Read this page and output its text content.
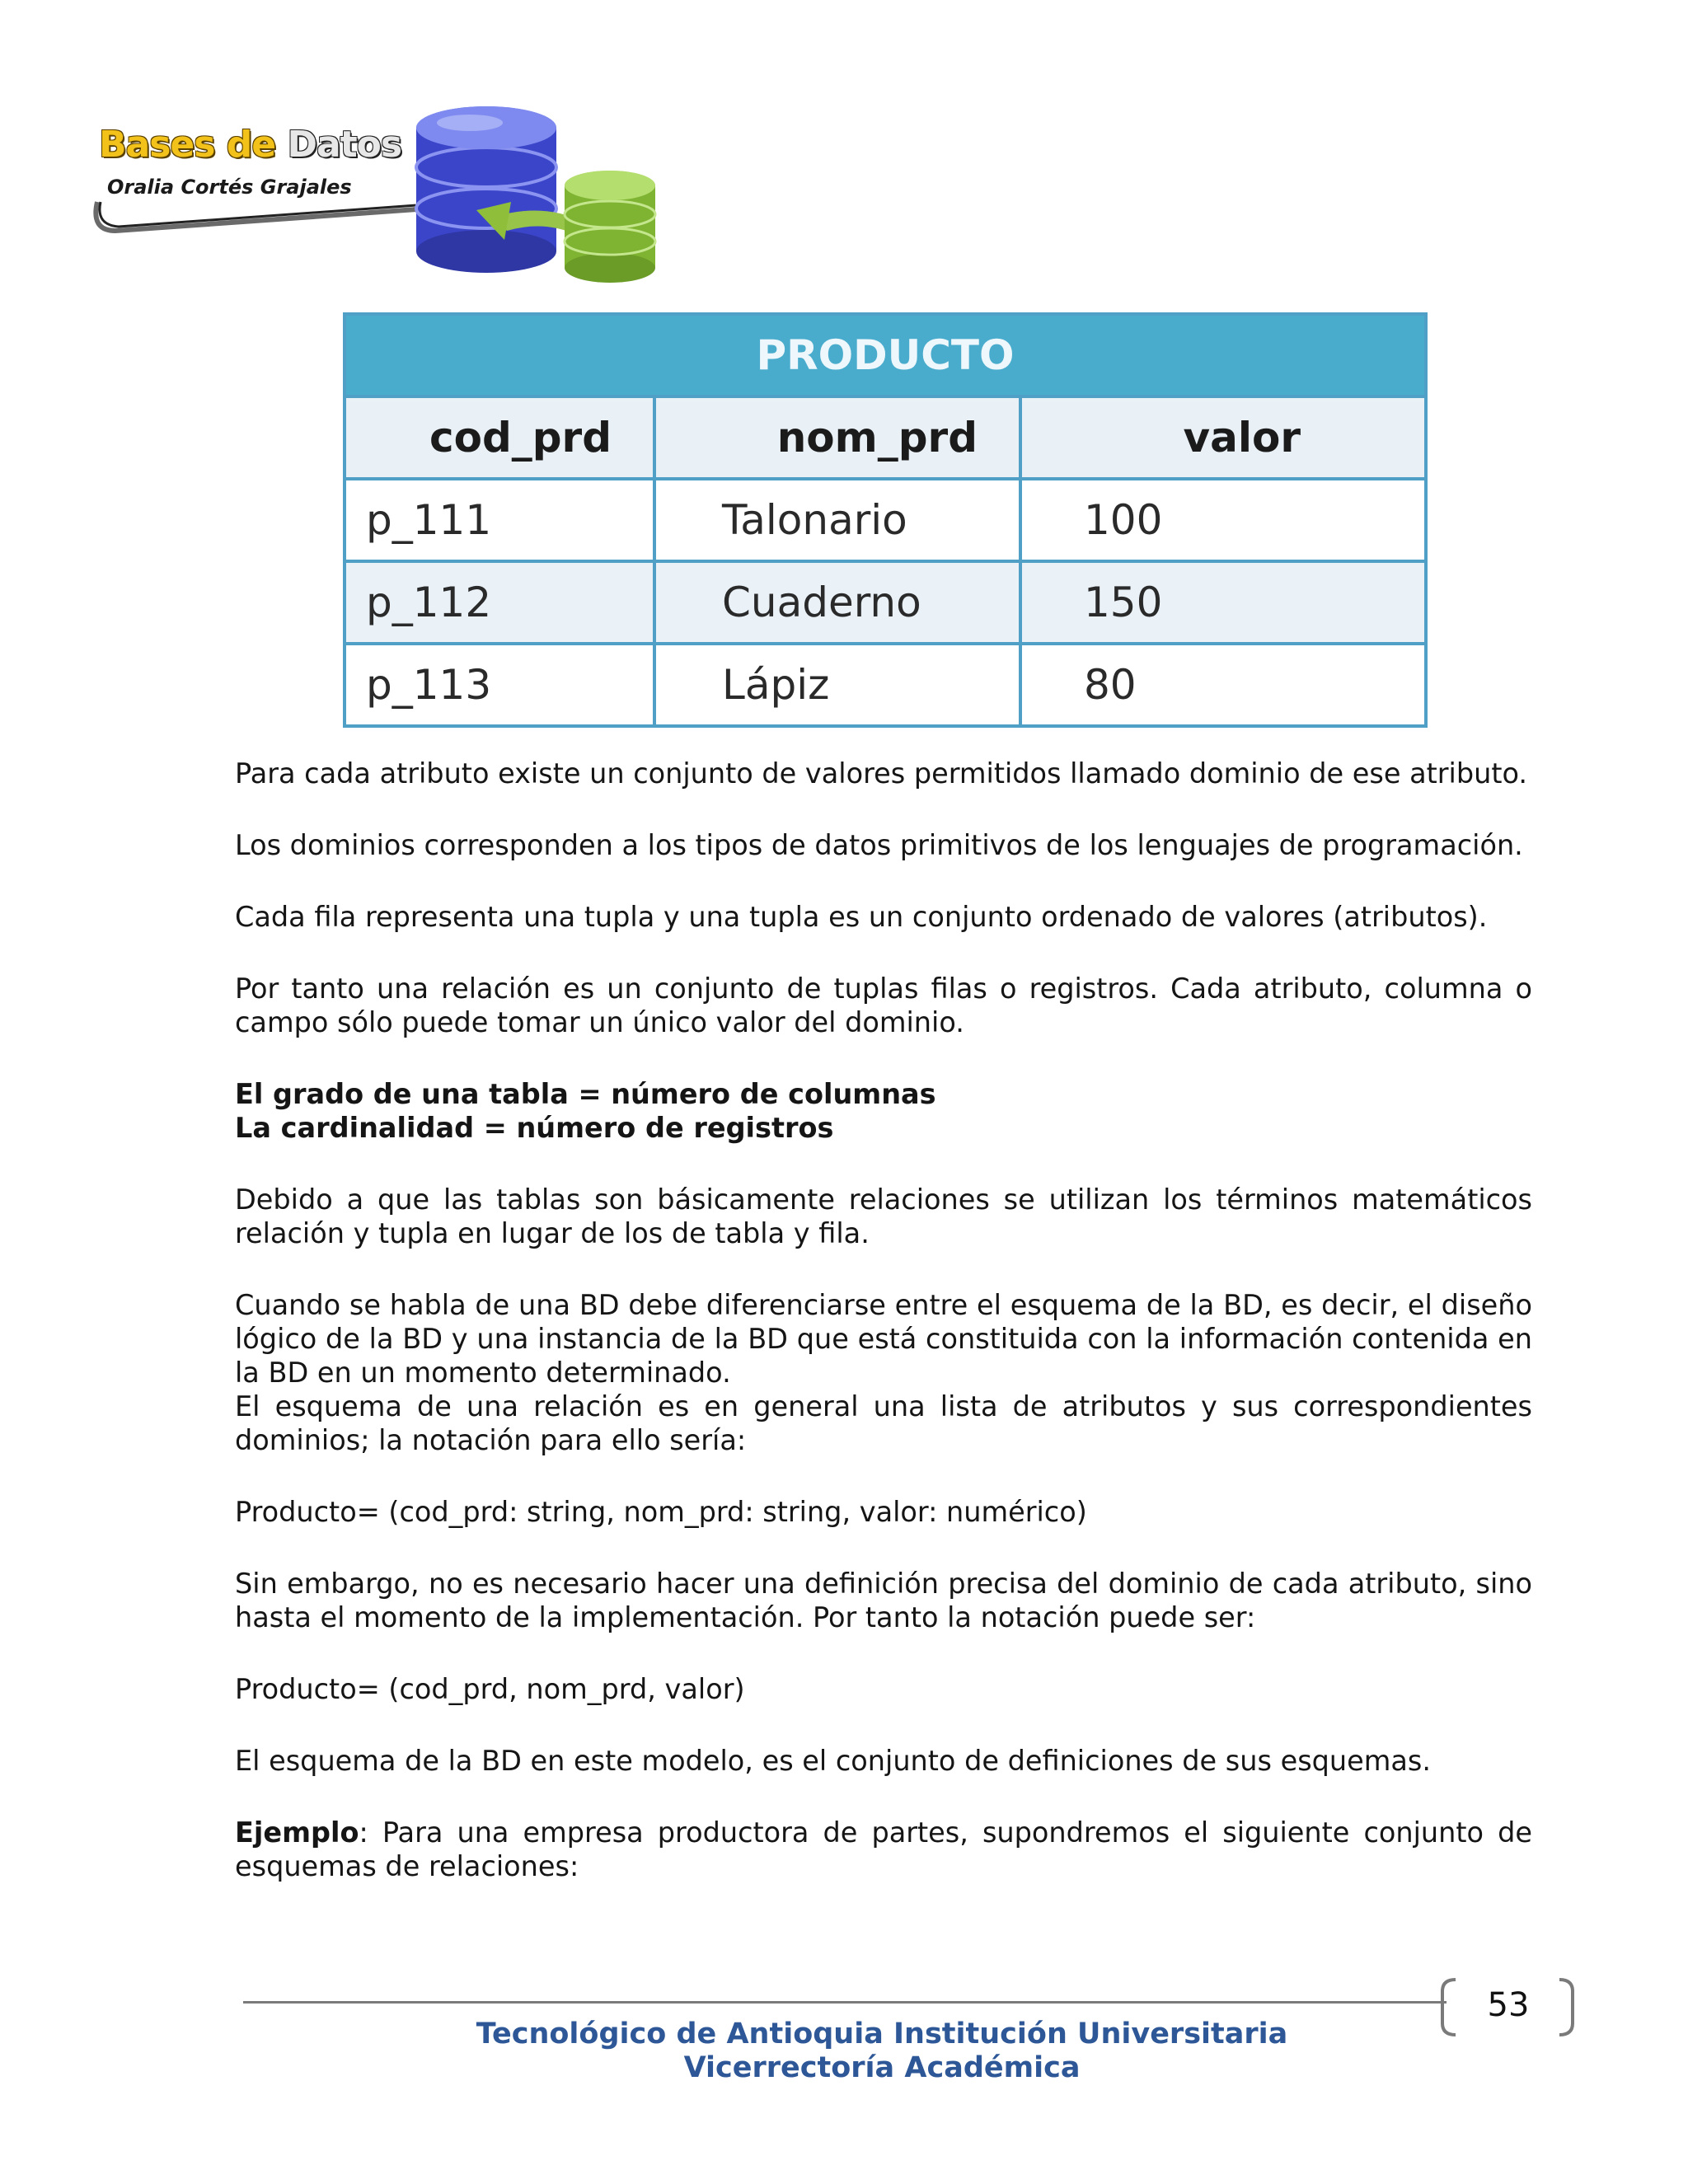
Bases de Datos
Oralia Cortés Grajales
PRODUCTO		
cod_prd	nom_prd	valor
p_111	Talonario	100
p_112	Cuaderno	150
p_113	Lápiz	80

Para cada atributo existe un conjunto de valores permitidos llamado dominio de ese atributo.

Los dominios corresponden a los tipos de datos primitivos de los lenguajes de programación.

Cada fila representa una tupla y una tupla es un conjunto ordenado de valores (atributos).

Por tanto una relación es un conjunto de tuplas filas o registros. Cada atributo, columna o campo sólo puede tomar un único valor del dominio.

El grado de una tabla = número de columnas
La cardinalidad = número de registros

Debido a que las tablas son básicamente relaciones se utilizan los términos matemáticos relación y tupla en lugar de los de tabla y fila.

Cuando se habla de una BD debe diferenciarse entre el esquema de la BD, es decir, el diseño lógico de la BD y una instancia de la BD que está constituida con la información contenida en la BD en un momento determinado.

El esquema de una relación es en general una lista de atributos y sus correspondientes dominios; la notación para ello sería:

Producto= (cod_prd: string, nom_prd: string, valor: numérico)

Sin embargo, no es necesario hacer una definición precisa del dominio de cada atributo, sino hasta el momento de la implementación. Por tanto la notación puede ser:

Producto= (cod_prd, nom_prd, valor)

El esquema de la BD en este modelo, es el conjunto de definiciones de sus esquemas.

Ejemplo: Para una empresa productora de partes, supondremos el siguiente conjunto de esquemas de relaciones:

53
Tecnológico de Antioquia Institución Universitaria
Vicerrectoría Académica
